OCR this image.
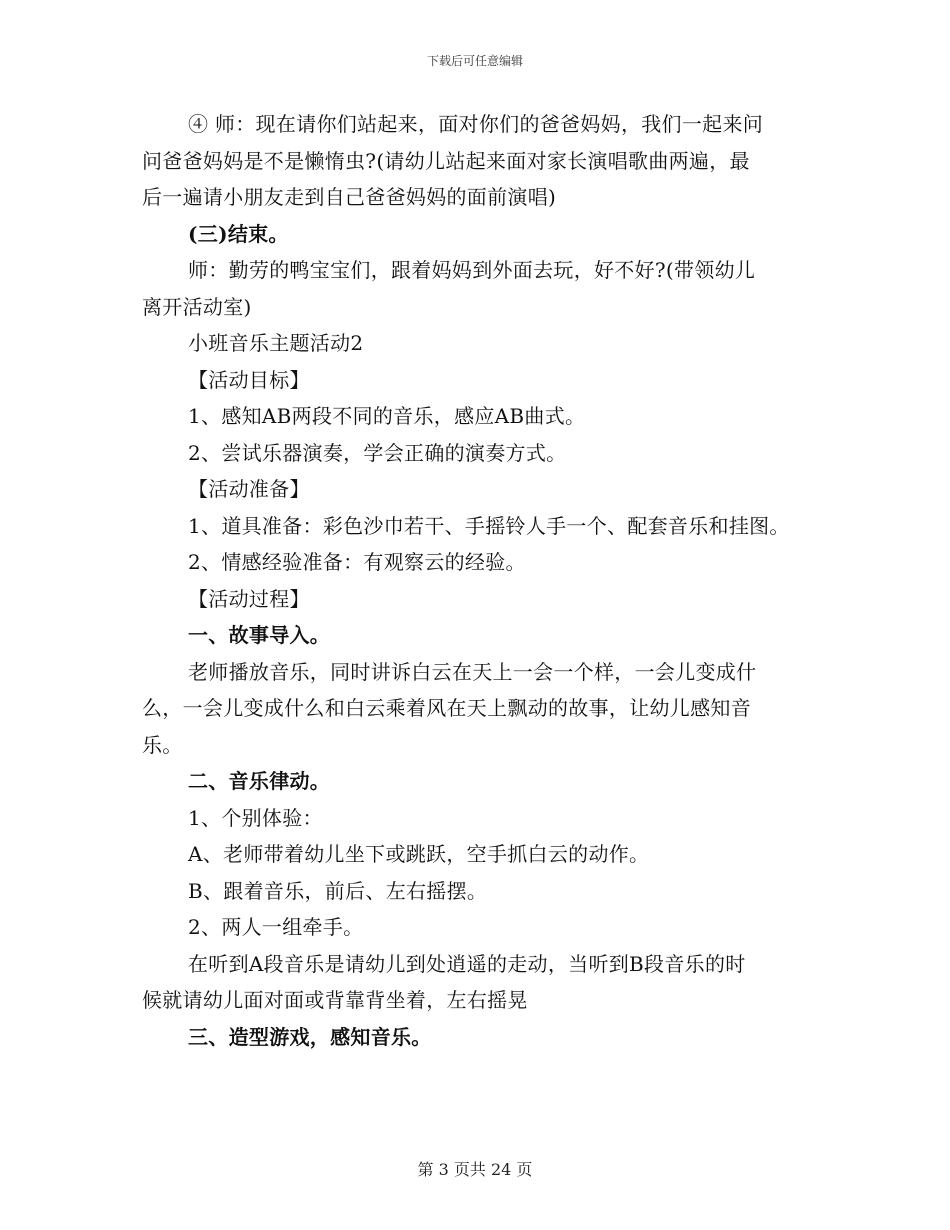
下载后可任意编辑
④ 师：现在请你们站起来，面对你们的爸爸妈妈，我们一起来问
问爸爸妈妈是不是懒惰虫?(请幼儿站起来面对家长演唱歌曲两遍，最
后一遍请小朋友走到自己爸爸妈妈的面前演唱)
(三)结束。
师：勤劳的鸭宝宝们，跟着妈妈到外面去玩，好不好?(带领幼儿
离开活动室)
小班音乐主题活动2
【活动目标】
1、感知AB两段不同的音乐，感应AB曲式。
2、尝试乐器演奏，学会正确的演奏方式。
【活动准备】
1、道具准备：彩色沙巾若干、手摇铃人手一个、配套音乐和挂图。
2、情感经验准备：有观察云的经验。
【活动过程】
一、故事导入。
老师播放音乐，同时讲诉白云在天上一会一个样，一会儿变成什
么，一会儿变成什么和白云乘着风在天上飘动的故事，让幼儿感知音
乐。
二、音乐律动。
1、个别体验：
A、老师带着幼儿坐下或跳跃，空手抓白云的动作。
B、跟着音乐，前后、左右摇摆。
2、两人一组牵手。
在听到A段音乐是请幼儿到处逍遥的走动，当听到B段音乐的时
候就请幼儿面对面或背靠背坐着，左右摇晃
三、造型游戏，感知音乐。
第 3 页共 24 页
